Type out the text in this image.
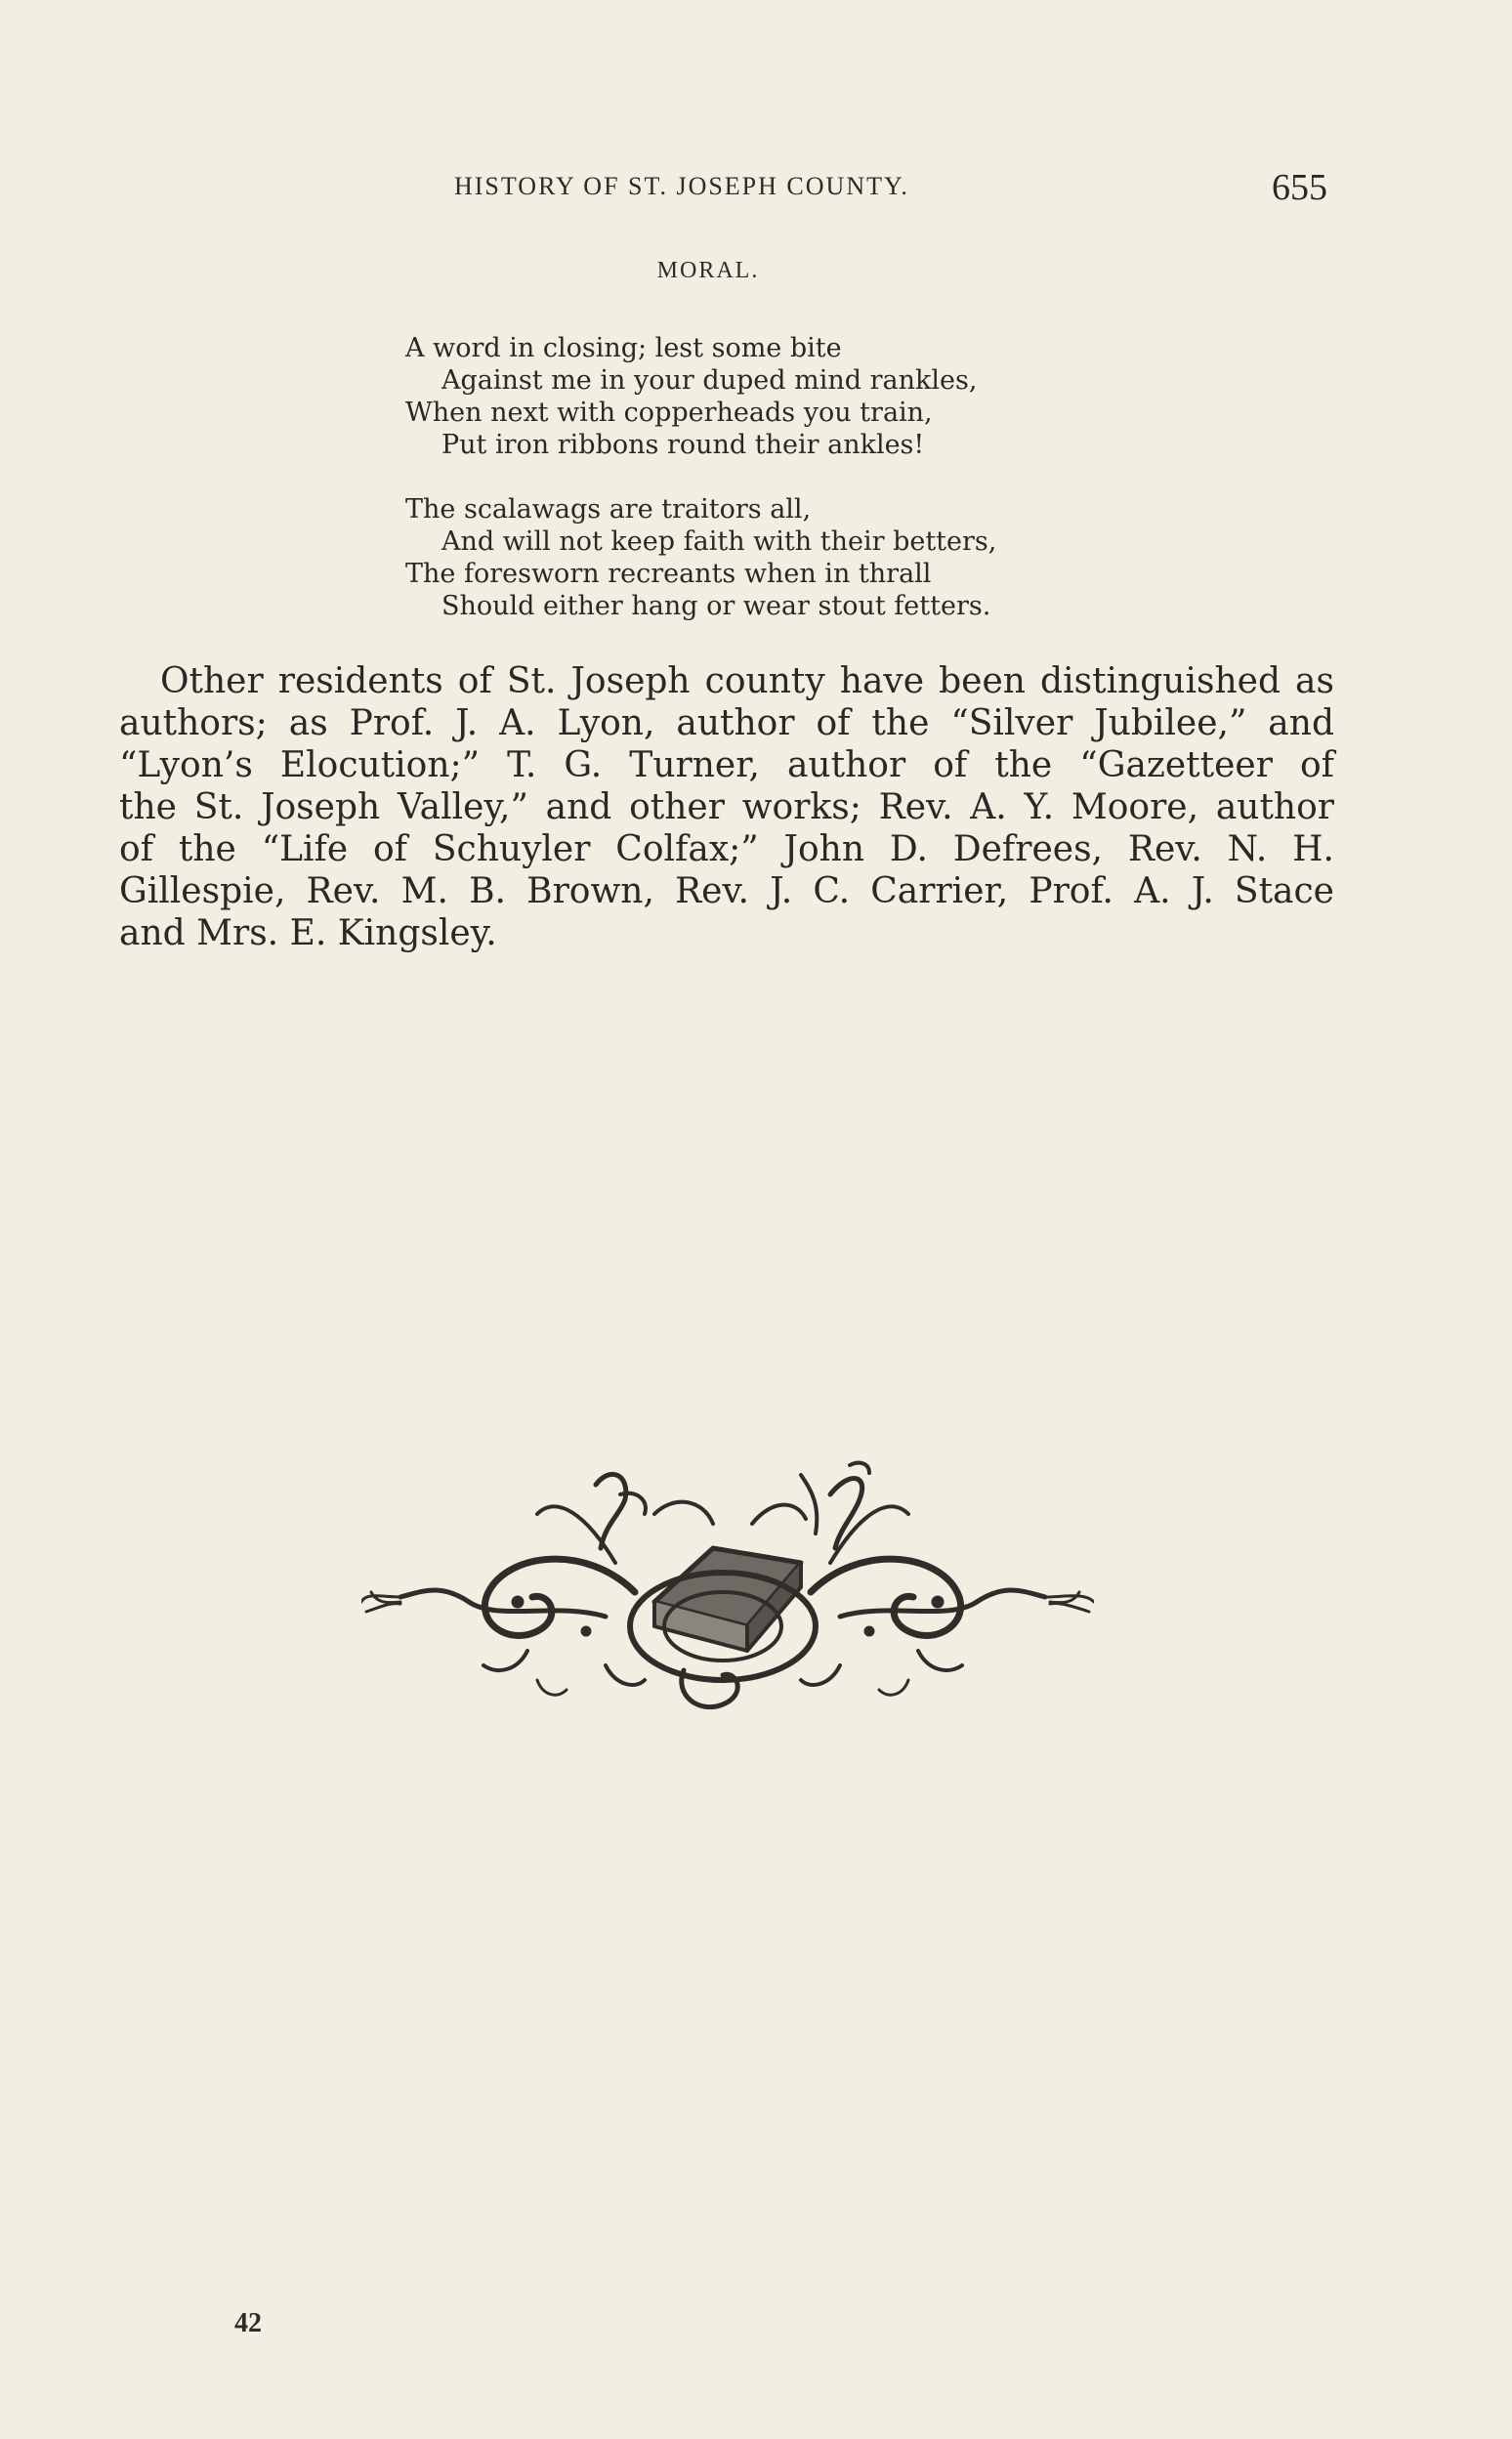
HISTORY OF ST. JOSEPH COUNTY.	655
MORAL.
A word in closing; lest some bite
Against me in your duped mind rankles,
When next with copperheads you train,
Put iron ribbons round their ankles!
The scalawags are traitors all,
And will not keep faith with their betters,
The foresworn recreants when in thrall
Should either hang or wear stout fetters.
Other residents of St. Joseph county have been distinguished as
authors; as Prof. J. A. Lyon, author of the “Silver Jubilee,” and
“Lyon’s Elocution;” T. G. Turner, author of the “Gazetteer of
the St. Joseph Valley,” and other works; Rev. A. Y. Moore, author
of the “Life of Schuyler Colfax;” John D. Defrees, Rev. N. H.
Gillespie, Rev. M. B. Brown, Rev. J. C. Carrier, Prof. A. J. Stace
and Mrs. E. Kingsley.
42
